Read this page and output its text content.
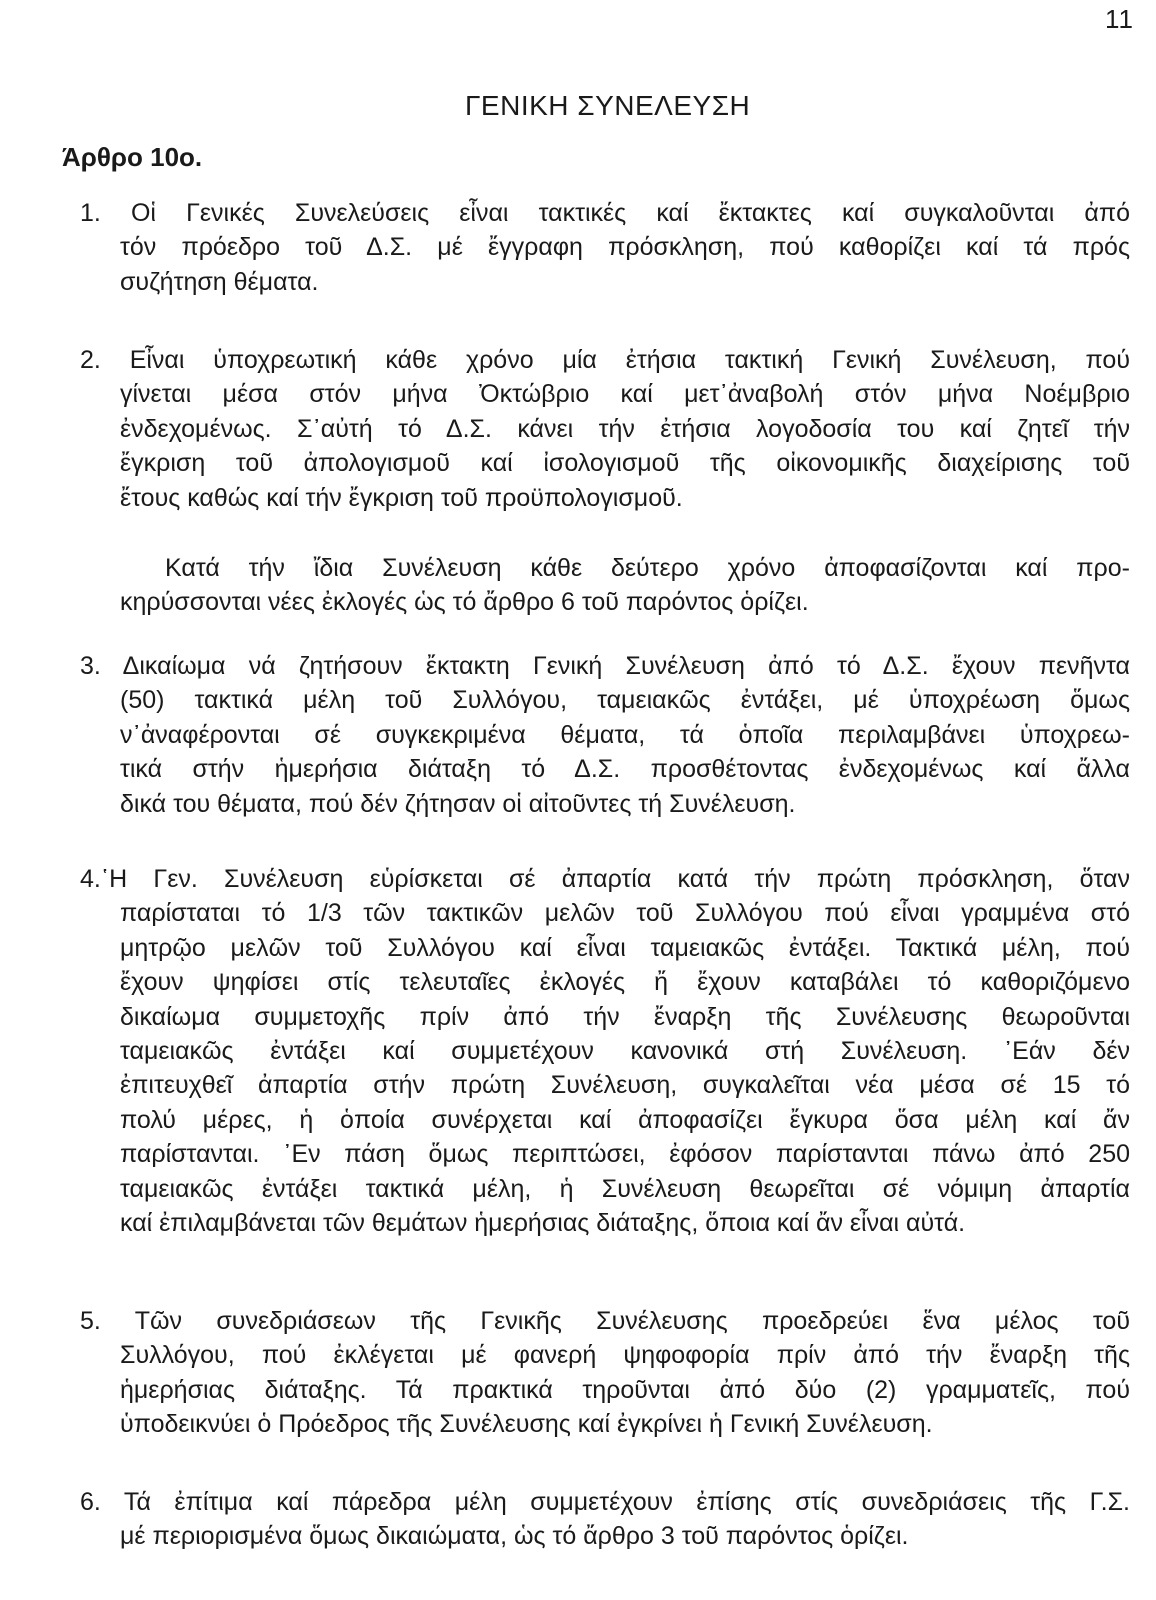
11
ΓΕΝΙΚΗ ΣΥΝΕΛΕΥΣΗ
Άρθρο 10ο.
1. Οἱ Γενικές Συνελεύσεις εἶναι τακτικές καί ἔκτακτες καί συγκαλοῦνται ἀπό
τόν πρόεδρο τοῦ Δ.Σ. μέ ἔγγραφη πρόσκληση, πού καθορίζει καί τά πρός
συζήτηση θέματα.
2. Εἶναι ὑποχρεωτική κάθε χρόνο μία ἐτήσια τακτική Γενική Συνέλευση, πού
γίνεται μέσα στόν μήνα Ὀκτώβριο καί μετ᾽ἀναβολή στόν μήνα Νοέμβριο
ἐνδεχομένως. Σ᾽αὐτή τό Δ.Σ. κάνει τήν ἐτήσια λογοδοσία του καί ζητεῖ τήν
ἔγκριση τοῦ ἀπολογισμοῦ καί ἰσολογισμοῦ τῆς οἰκονομικῆς διαχείρισης τοῦ
ἔτους καθώς καί τήν ἔγκριση τοῦ προϋπολογισμοῦ.
Κατά τήν ἴδια Συνέλευση κάθε δεύτερο χρόνο ἀποφασίζονται καί προ-
κηρύσσονται νέες ἐκλογές ὡς τό ἄρθρο 6 τοῦ παρόντος ὁρίζει.
3. Δικαίωμα νά ζητήσουν ἔκτακτη Γενική Συνέλευση ἀπό τό Δ.Σ. ἔχουν πενῆντα
(50) τακτικά μέλη τοῦ Συλλόγου, ταμειακῶς ἐντάξει, μέ ὑποχρέωση ὅμως
ν᾽ἀναφέρονται σέ συγκεκριμένα θέματα, τά ὁποῖα περιλαμβάνει ὑποχρεω-
τικά στήν ἡμερήσια διάταξη τό Δ.Σ. προσθέτοντας ἐνδεχομένως καί ἄλλα
δικά του θέματα, πού δέν ζήτησαν οἱ αἰτοῦντες τή Συνέλευση.
4.῾Η Γεν. Συνέλευση εὑρίσκεται σέ ἀπαρτία κατά τήν πρώτη πρόσκληση, ὅταν
παρίσταται τό 1/3 τῶν τακτικῶν μελῶν τοῦ Συλλόγου πού εἶναι γραμμένα στό
μητρῷο μελῶν τοῦ Συλλόγου καί εἶναι ταμειακῶς ἐντάξει. Τακτικά μέλη, πού
ἔχουν ψηφίσει στίς τελευταῖες ἐκλογές ἤ ἔχουν καταβάλει τό καθοριζόμενο
δικαίωμα συμμετοχῆς πρίν ἀπό τήν ἔναρξη τῆς Συνέλευσης θεωροῦνται
ταμειακῶς ἐντάξει καί συμμετέχουν κανονικά στή Συνέλευση. ᾽Εάν δέν
ἐπιτευχθεῖ ἀπαρτία στήν πρώτη Συνέλευση, συγκαλεῖται νέα μέσα σέ 15 τό
πολύ μέρες, ἡ ὁποία συνέρχεται καί ἀποφασίζει ἔγκυρα ὅσα μέλη καί ἄν
παρίστανται. ᾽Εν πάση ὅμως περιπτώσει, ἐφόσον παρίστανται πάνω ἀπό 250
ταμειακῶς ἐντάξει τακτικά μέλη, ἡ Συνέλευση θεωρεῖται σέ νόμιμη ἀπαρτία
καί ἐπιλαμβάνεται τῶν θεμάτων ἡμερήσιας διάταξης, ὅποια καί ἄν εἶναι αὐτά.
5. Τῶν συνεδριάσεων τῆς Γενικῆς Συνέλευσης προεδρεύει ἕνα μέλος τοῦ
Συλλόγου, πού ἐκλέγεται μέ φανερή ψηφοφορία πρίν ἀπό τήν ἔναρξη τῆς
ἡμερήσιας διάταξης. Τά πρακτικά τηροῦνται ἀπό δύο (2) γραμματεῖς, πού
ὑποδεικνύει ὁ Πρόεδρος τῆς Συνέλευσης καί ἐγκρίνει ἡ Γενική Συνέλευση.
6. Τά ἐπίτιμα καί πάρεδρα μέλη συμμετέχουν ἐπίσης στίς συνεδριάσεις τῆς Γ.Σ.
μέ περιορισμένα ὅμως δικαιώματα, ὡς τό ἄρθρο 3 τοῦ παρόντος ὁρίζει.
